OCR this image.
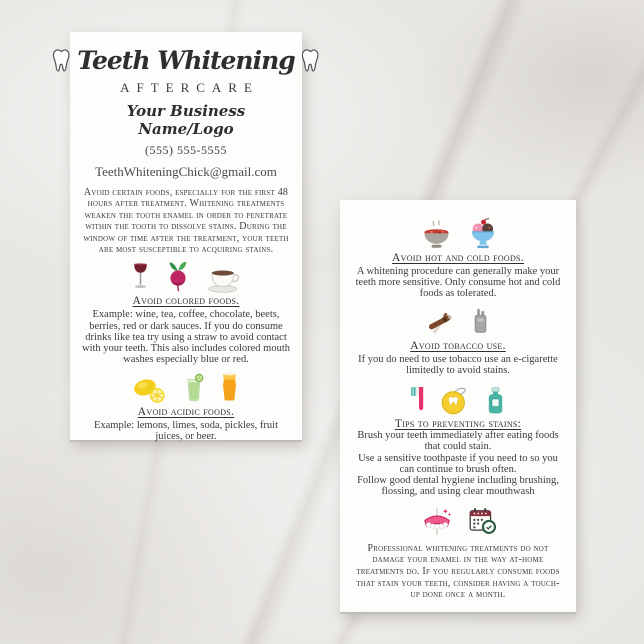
Teeth Whitening
AFTERCARE
Your Business Name/Logo
(555) 555-5555
TeethWhiteningChick@gmail.com

Avoid certain foods, especially for the first 48 hours after treatment. Whitening treatments weaken the tooth enamel in order to penetrate within the tooth to dissolve stains. During the window of time after the treatment, your teeth are most susceptible to acquiring stains.

Avoid colored foods.

Example: wine, tea, coffee, chocolate, beets, berries, red or dark sauces. If you do consume drinks like tea try using a straw to avoid contact with your teeth. This also includes colored mouth washes especially blue or red.

Avoid acidic foods.

Example: lemons, limes, soda, pickles, fruit juices, or beer.

Avoid hot and cold foods.

A whitening procedure can generally make your teeth more sensitive. Only consume hot and cold foods as tolerated.

Avoid tobacco use.

If you do need to use tobacco use an e-cigarette limitedly to avoid stains.

Tips to preventing stains:

Brush your teeth immediately after eating foods that could stain.

Use a sensitive toothpaste if you need to so you can continue to brush often.

Follow good dental hygiene including brushing, flossing, and using clear mouthwash

Professional whitening treatments do not damage your enamel in the way at-home treatments do. If you regularly consume foods that stain your teeth, consider having a touch-up done once a month.
